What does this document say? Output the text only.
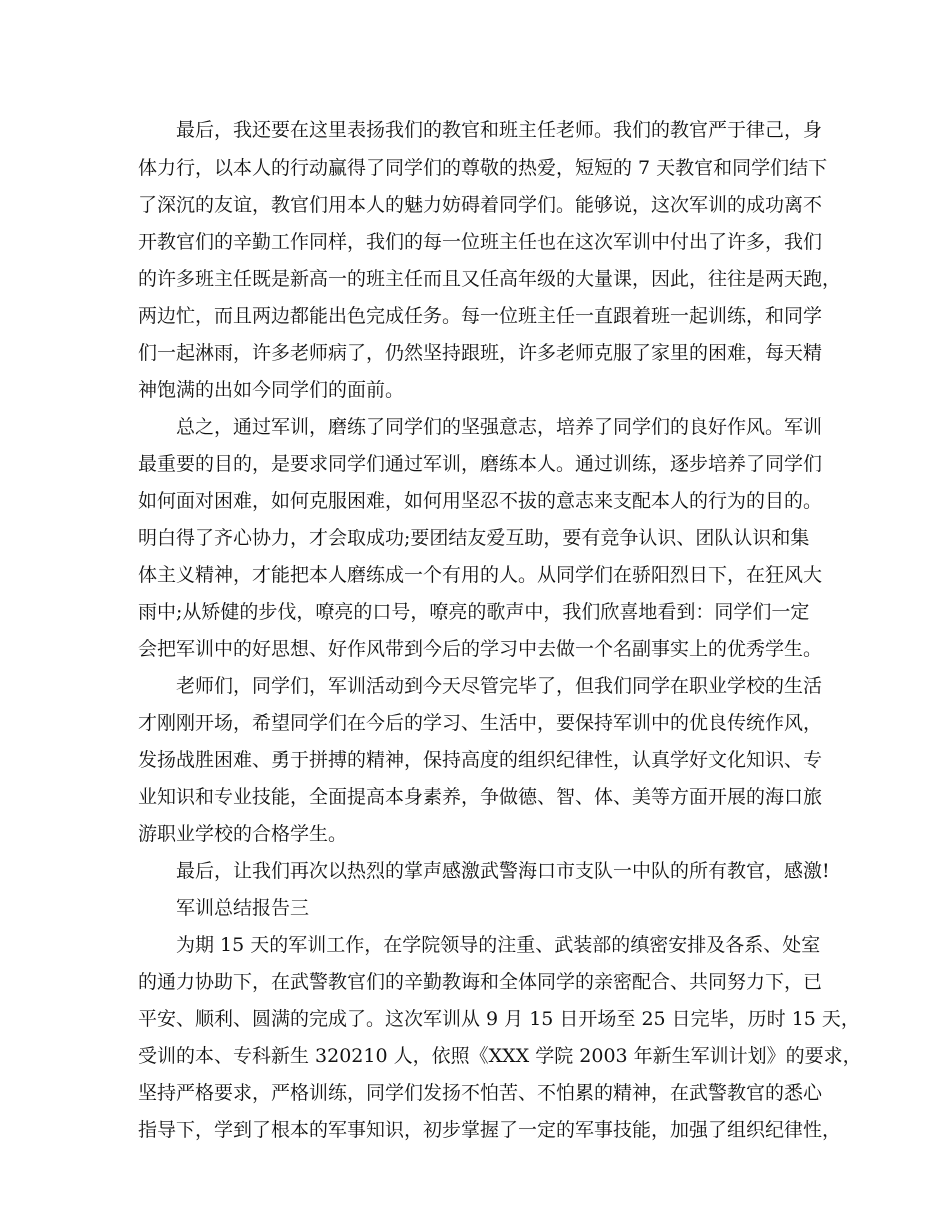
最后，我还要在这里表扬我们的教官和班主任老师。我们的教官严于律己，身
体力行，以本人的行动赢得了同学们的尊敬的热爱，短短的 7 天教官和同学们结下
了深沉的友谊，教官们用本人的魅力妨碍着同学们。能够说，这次军训的成功离不
开教官们的辛勤工作同样，我们的每一位班主任也在这次军训中付出了许多，我们
的许多班主任既是新高一的班主任而且又任高年级的大量课，因此，往往是两天跑，
两边忙，而且两边都能出色完成任务。每一位班主任一直跟着班一起训练，和同学
们一起淋雨，许多老师病了，仍然坚持跟班，许多老师克服了家里的困难，每天精
神饱满的出如今同学们的面前。
总之，通过军训，磨练了同学们的坚强意志，培养了同学们的良好作风。军训
最重要的目的，是要求同学们通过军训，磨练本人。通过训练，逐步培养了同学们
如何面对困难，如何克服困难，如何用坚忍不拔的意志来支配本人的行为的目的。
明白得了齐心协力，才会取成功;要团结友爱互助，要有竞争认识、团队认识和集
体主义精神，才能把本人磨练成一个有用的人。从同学们在骄阳烈日下，在狂风大
雨中;从矫健的步伐，嘹亮的口号，嘹亮的歌声中，我们欣喜地看到：同学们一定
会把军训中的好思想、好作风带到今后的学习中去做一个名副事实上的优秀学生。
老师们，同学们，军训活动到今天尽管完毕了，但我们同学在职业学校的生活
才刚刚开场，希望同学们在今后的学习、生活中，要保持军训中的优良传统作风，
发扬战胜困难、勇于拼搏的精神，保持高度的组织纪律性，认真学好文化知识、专
业知识和专业技能，全面提高本身素养，争做德、智、体、美等方面开展的海口旅
游职业学校的合格学生。
最后，让我们再次以热烈的掌声感激武警海口市支队一中队的所有教官，感激!
军训总结报告三
为期 15 天的军训工作，在学院领导的注重、武装部的缜密安排及各系、处室
的通力协助下，在武警教官们的辛勤教诲和全体同学的亲密配合、共同努力下，已
平安、顺利、圆满的完成了。这次军训从 9 月 15 日开场至 25 日完毕，历时 15 天，
受训的本、专科新生 320210 人，依照《XXX 学院 2003 年新生军训计划》的要求，
坚持严格要求，严格训练，同学们发扬不怕苦、不怕累的精神，在武警教官的悉心
指导下，学到了根本的军事知识，初步掌握了一定的军事技能，加强了组织纪律性，
